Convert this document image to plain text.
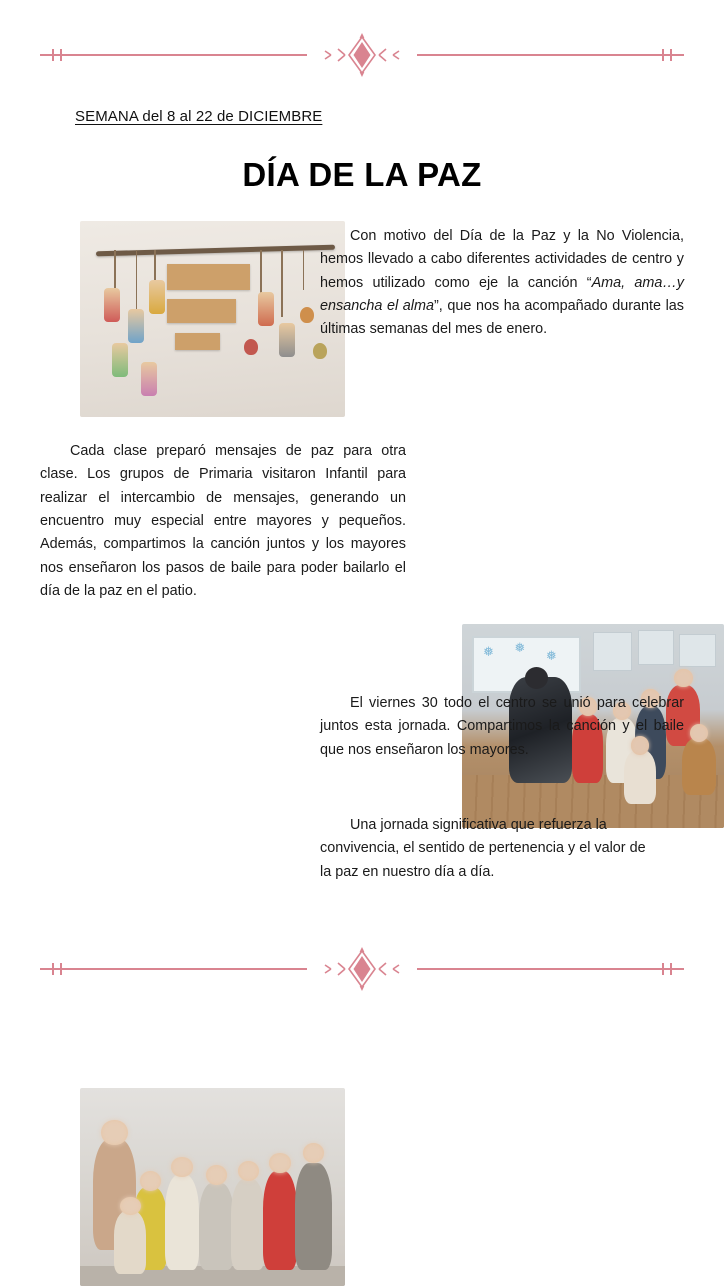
SEMANA del 8 al 22 de DICIEMBRE
DÍA DE LA PAZ
Con motivo del Día de la Paz y la No Violencia, hemos llevado a cabo diferentes actividades de centro y hemos utilizado como eje la canción “Ama, ama…y ensancha el alma”, que nos ha acompañado durante las últimas semanas del mes de enero.
Cada clase preparó mensajes de paz para otra clase. Los grupos de Primaria visitaron Infantil para realizar el intercambio de mensajes, generando un encuentro muy especial entre mayores y pequeños. Además, compartimos la canción juntos y los mayores nos enseñaron los pasos de baile para poder bailarlo el día de la paz en el patio.
❅ ❅
❅
El viernes 30 todo el centro se unió para celebrar juntos esta jornada. Compartimos la canción y el baile que nos enseñaron los mayores.
Una jornada significativa que refuerza la convivencia, el sentido de pertenencia y el valor de la paz en nuestro día a día.
